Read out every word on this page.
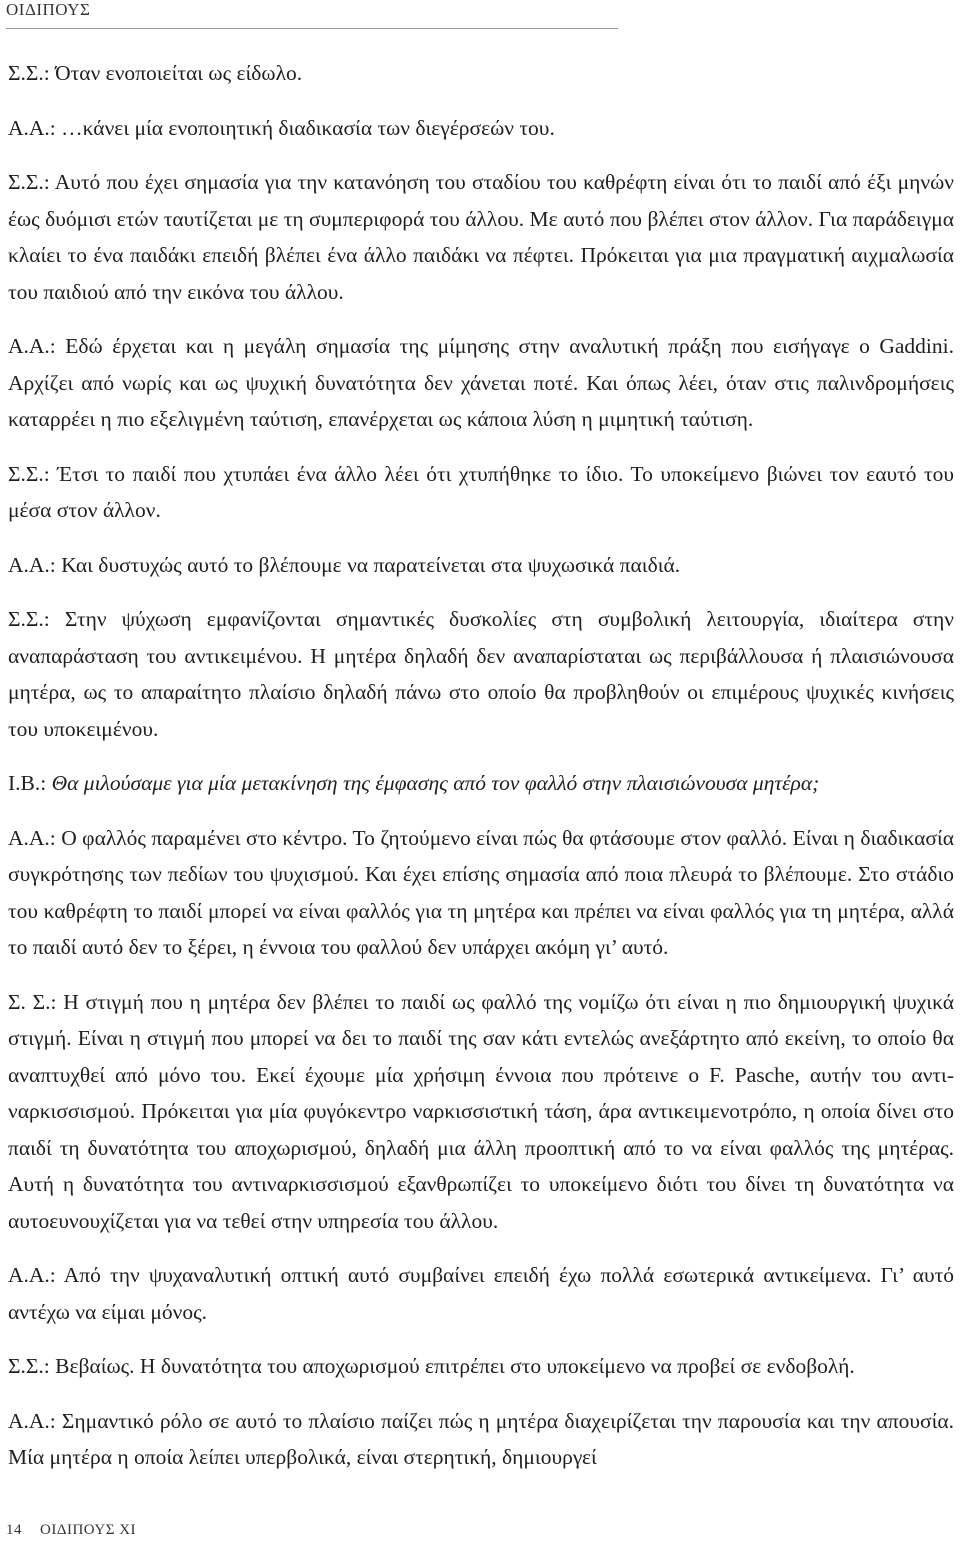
ΟΙΔΙΠΟΥΣ

Σ.Σ.: Όταν ενοποιείται ως είδωλο.

Α.Α.: …κάνει μία ενοποιητική διαδικασία των διεγέρσεών του.

Σ.Σ.: Αυτό που έχει σημασία για την κατανόηση του σταδίου του καθρέφτη είναι ότι το παιδί από έξι μηνών έως δυόμισι ετών ταυτίζεται με τη συμπεριφορά του άλλου. Με αυτό που βλέπει στον άλλον. Για παράδειγμα κλαίει το ένα παιδάκι επειδή βλέπει ένα άλλο παιδάκι να πέφτει. Πρόκειται για μια πραγματική αιχμαλωσία του παιδιού από την εικόνα του άλλου.

Α.Α.: Εδώ έρχεται και η μεγάλη σημασία της μίμησης στην αναλυτική πράξη που εισήγαγε ο Gaddini. Αρχίζει από νωρίς και ως ψυχική δυνατότητα δεν χάνεται ποτέ. Και όπως λέει, όταν στις παλινδρομήσεις καταρρέει η πιο εξελιγμένη ταύτιση, επανέρχεται ως κάποια λύση η μιμητική ταύτιση.

Σ.Σ.: Έτσι το παιδί που χτυπάει ένα άλλο λέει ότι χτυπήθηκε το ίδιο. Το υποκείμενο βιώνει τον εαυτό του μέσα στον άλλον.

Α.Α.: Και δυστυχώς αυτό το βλέπουμε να παρατείνεται στα ψυχωσικά παιδιά.

Σ.Σ.: Στην ψύχωση εμφανίζονται σημαντικές δυσκολίες στη συμβολική λειτουργία, ιδιαίτερα στην αναπαράσταση του αντικειμένου. Η μητέρα δηλαδή δεν αναπαρίσταται ως περιβάλλουσα ή πλαισιώνουσα μητέρα, ως το απαραίτητο πλαίσιο δηλαδή πάνω στο οποίο θα προβληθούν οι επιμέρους ψυχικές κινήσεις του υποκειμένου.

Ι.Β.: Θα μιλούσαμε για μία μετακίνηση της έμφασης από τον φαλλό στην πλαισιώνουσα μητέρα;

Α.Α.: Ο φαλλός παραμένει στο κέντρο. Το ζητούμενο είναι πώς θα φτάσουμε στον φαλλό. Είναι η διαδικασία συγκρότησης των πεδίων του ψυχισμού. Και έχει επίσης σημασία από ποια πλευρά το βλέπουμε. Στο στάδιο του καθρέφτη το παιδί μπορεί να είναι φαλλός για τη μητέρα και πρέπει να είναι φαλλός για τη μητέρα, αλλά το παιδί αυτό δεν το ξέρει, η έννοια του φαλλού δεν υπάρχει ακόμη γι’ αυτό.

Σ. Σ.: Η στιγμή που η μητέρα δεν βλέπει το παιδί ως φαλλό της νομίζω ότι είναι η πιο δημιουργική ψυχικά στιγμή. Είναι η στιγμή που μπορεί να δει το παιδί της σαν κάτι εντελώς ανεξάρτητο από εκείνη, το οποίο θα αναπτυχθεί από μόνο του. Εκεί έχουμε μία χρήσιμη έννοια που πρότεινε ο F. Pasche, αυτήν του αντι-ναρκισσισμού. Πρόκειται για μία φυγόκεντρο ναρκισσιστική τάση, άρα αντικειμενοτρόπο, η οποία δίνει στο παιδί τη δυνατότητα του αποχωρισμού, δηλαδή μια άλλη προοπτική από το να είναι φαλλός της μητέρας. Αυτή η δυνατότητα του αντιναρκισσισμού εξανθρωπίζει το υποκείμενο διότι του δίνει τη δυνατότητα να αυτοευνουχίζεται για να τεθεί στην υπηρεσία του άλλου.

Α.Α.: Από την ψυχαναλυτική οπτική αυτό συμβαίνει επειδή έχω πολλά εσωτερικά αντικείμενα. Γι’ αυτό αντέχω να είμαι μόνος.

Σ.Σ.: Βεβαίως. Η δυνατότητα του αποχωρισμού επιτρέπει στο υποκείμενο να προβεί σε ενδοβολή.

Α.Α.: Σημαντικό ρόλο σε αυτό το πλαίσιο παίζει πώς η μητέρα διαχειρίζεται την παρουσία και την απουσία. Μία μητέρα η οποία λείπει υπερβολικά, είναι στερητική, δημιουργεί

14 ΟΙΔΙΠΟΥΣ XI
